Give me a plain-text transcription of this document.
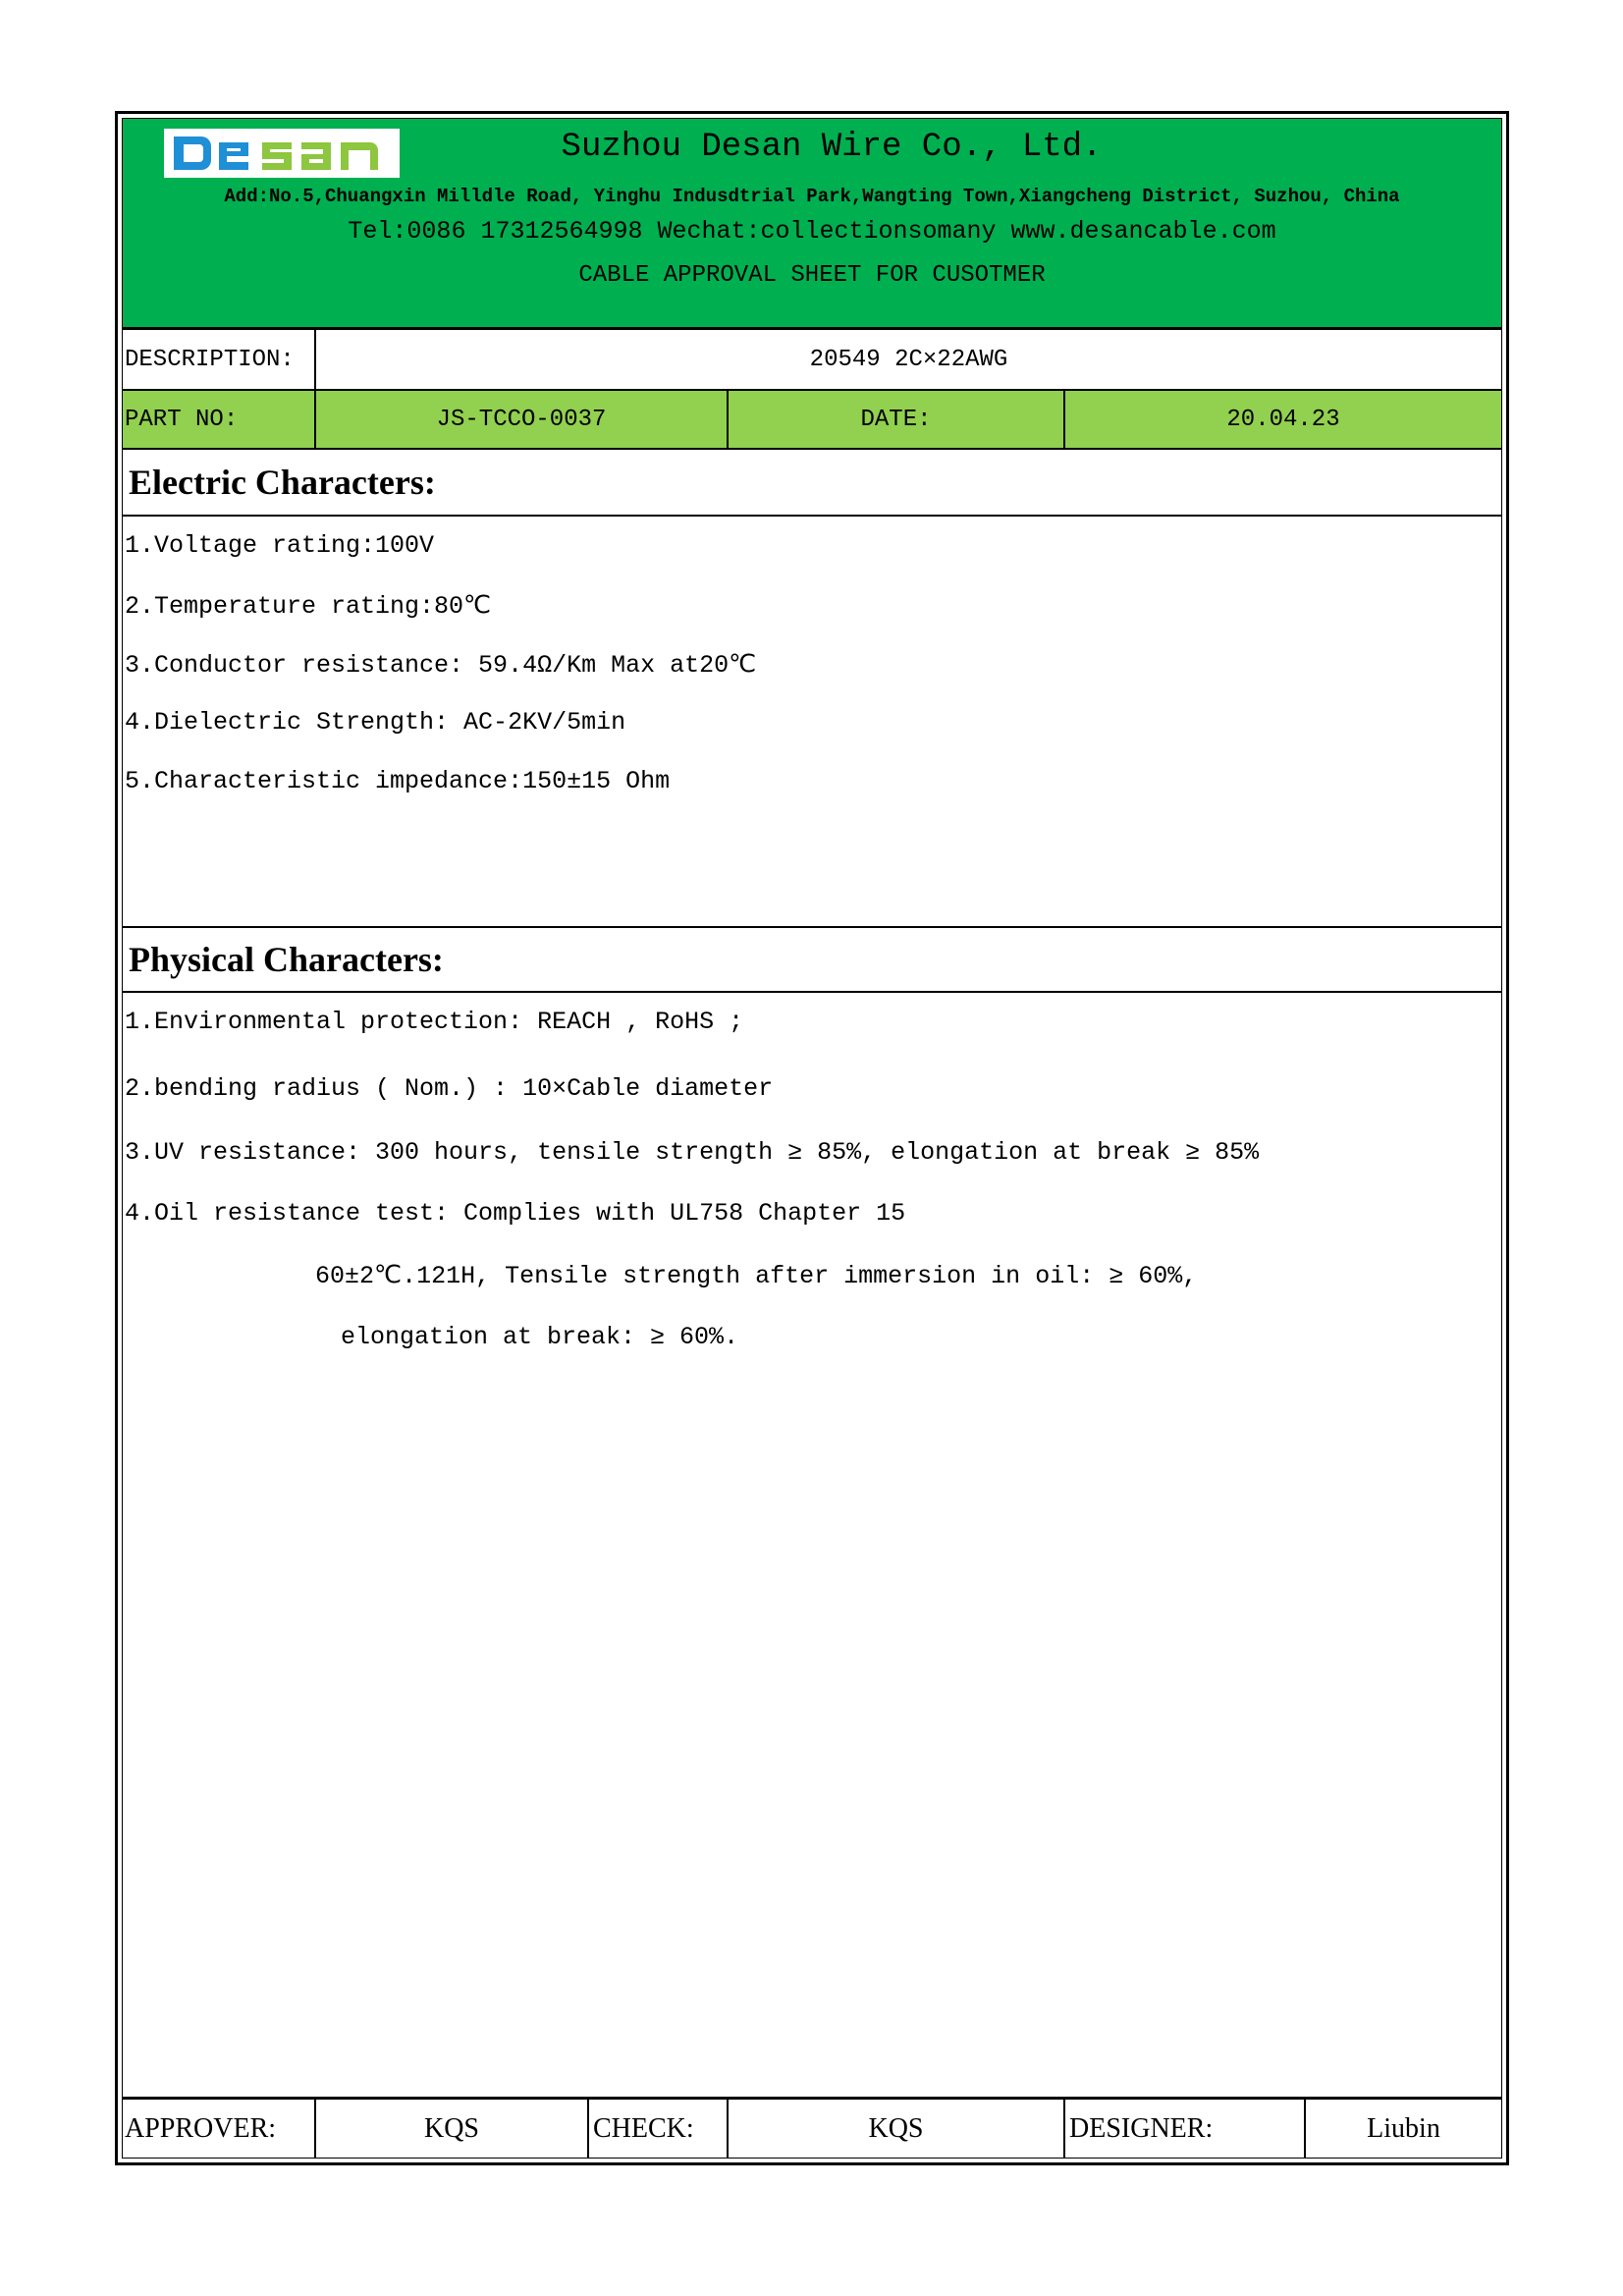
Suzhou Desan Wire Co., Ltd.
Add:No.5,Chuangxin Milldle Road, Yinghu Indusdtrial Park,Wangting Town,Xiangcheng District, Suzhou, China
Tel:0086 17312564998 Wechat:collectionsomany www.desancable.com
CABLE APPROVAL SHEET FOR CUSOTMER
DESCRIPTION:	20549 2C×22AWG
PART NO:	JS-TCCO-0037	DATE:	20.04.23
Electric Characters:
1.Voltage rating:100V
2.Temperature rating:80℃
3.Conductor resistance: 59.4Ω/Km Max at20℃
4.Dielectric Strength: AC-2KV/5min
5.Characteristic impedance:150±15 Ohm
Physical Characters:
1.Environmental protection: REACH , RoHS ;
2.bending radius ( Nom.) : 10×Cable diameter
3.UV resistance: 300 hours, tensile strength ≥ 85%, elongation at break ≥ 85%
4.Oil resistance test: Complies with UL758 Chapter 15
60±2℃.121H, Tensile strength after immersion in oil: ≥ 60%,
elongation at break: ≥ 60%.
APPROVER:	KQS	CHECK:	KQS	DESIGNER:	Liubin
